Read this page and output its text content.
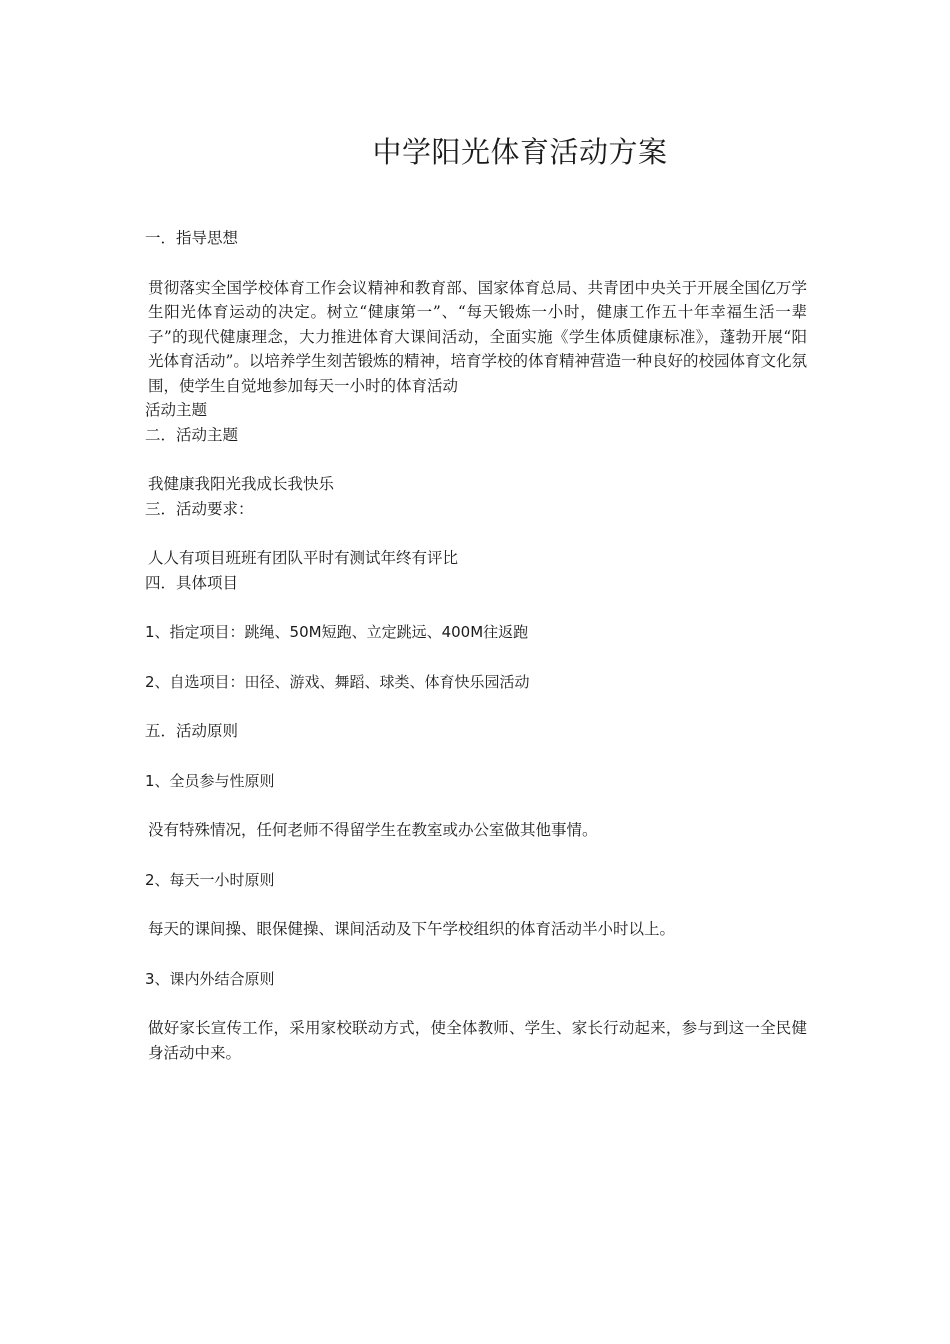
中学阳光体育活动方案

一．指导思想

贯彻落实全国学校体育工作会议精神和教育部、国家体育总局、共青团中央关于开展全国亿万学生阳光体育运动的决定。树立“健康第一”、“每天锻炼一小时，健康工作五十年幸福生活一辈子”的现代健康理念，大力推进体育大课间活动，全面实施《学生体质健康标准》，蓬勃开展“阳光体育活动”。以培养学生刻苦锻炼的精神，培育学校的体育精神营造一种良好的校园体育文化氛围，使学生自觉地参加每天一小时的体育活动

活动主题

二．活动主题

我健康我阳光我成长我快乐

三．活动要求：

人人有项目班班有团队平时有测试年终有评比

四．具体项目

1、指定项目：跳绳、50M短跑、立定跳远、400M往返跑

2、自选项目：田径、游戏、舞蹈、球类、体育快乐园活动

五．活动原则

1、全员参与性原则

没有特殊情况，任何老师不得留学生在教室或办公室做其他事情。

2、每天一小时原则

每天的课间操、眼保健操、课间活动及下午学校组织的体育活动半小时以上。

3、课内外结合原则

做好家长宣传工作，采用家校联动方式，使全体教师、学生、家长行动起来，参与到这一全民健身活动中来。
